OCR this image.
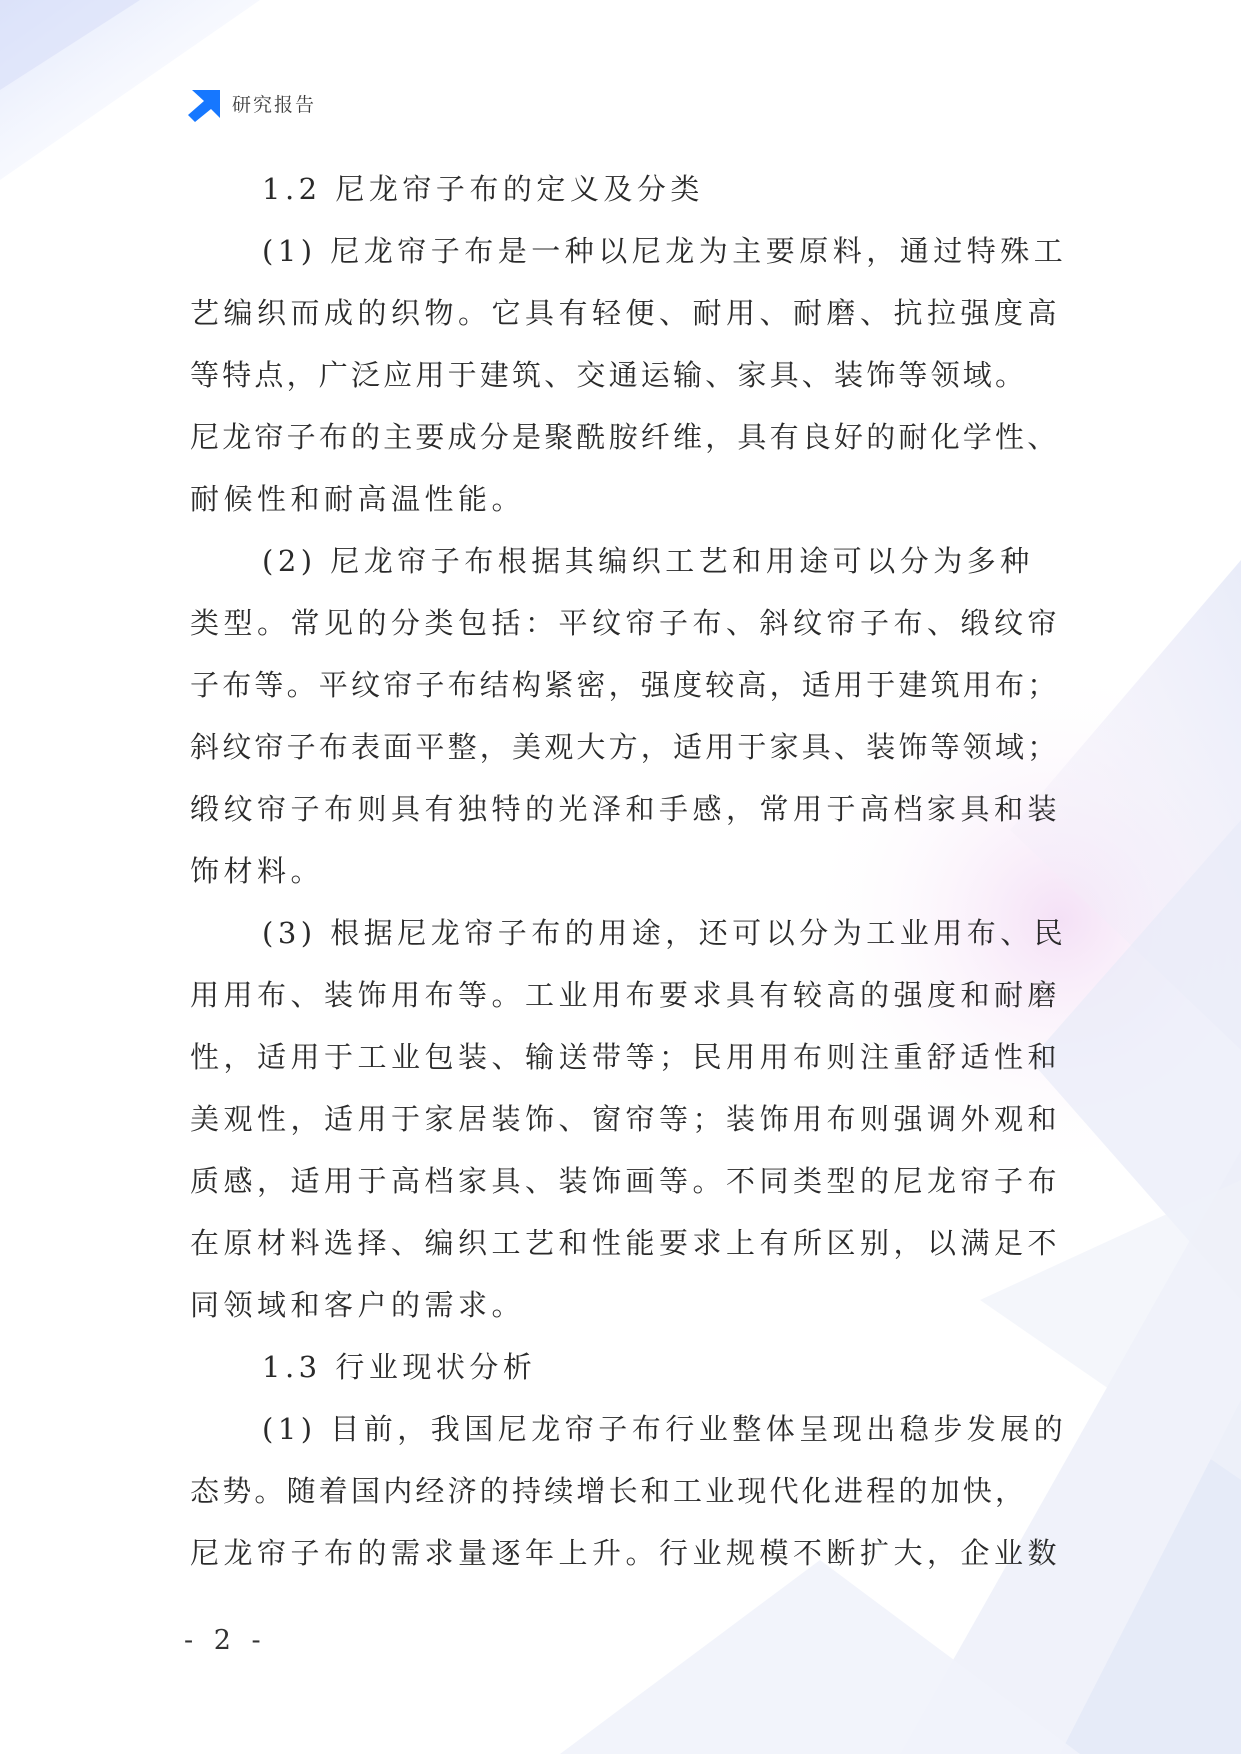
研究报告
1.2 尼龙帘子布的定义及分类
(1) 尼龙帘子布是一种以尼龙为主要原料，通过特殊工
艺编织而成的织物。它具有轻便、耐用、耐磨、抗拉强度高
等特点，广泛应用于建筑、交通运输、家具、装饰等领域。
尼龙帘子布的主要成分是聚酰胺纤维，具有良好的耐化学性、
耐候性和耐高温性能。
(2) 尼龙帘子布根据其编织工艺和用途可以分为多种
类型。常见的分类包括：平纹帘子布、斜纹帘子布、缎纹帘
子布等。平纹帘子布结构紧密，强度较高，适用于建筑用布；
斜纹帘子布表面平整，美观大方，适用于家具、装饰等领域；
缎纹帘子布则具有独特的光泽和手感，常用于高档家具和装
饰材料。
(3) 根据尼龙帘子布的用途，还可以分为工业用布、民
用用布、装饰用布等。工业用布要求具有较高的强度和耐磨
性，适用于工业包装、输送带等；民用用布则注重舒适性和
美观性，适用于家居装饰、窗帘等；装饰用布则强调外观和
质感，适用于高档家具、装饰画等。不同类型的尼龙帘子布
在原材料选择、编织工艺和性能要求上有所区别，以满足不
同领域和客户的需求。
1.3 行业现状分析
(1) 目前，我国尼龙帘子布行业整体呈现出稳步发展的
态势。随着国内经济的持续增长和工业现代化进程的加快，
尼龙帘子布的需求量逐年上升。行业规模不断扩大，企业数
- 2 -
